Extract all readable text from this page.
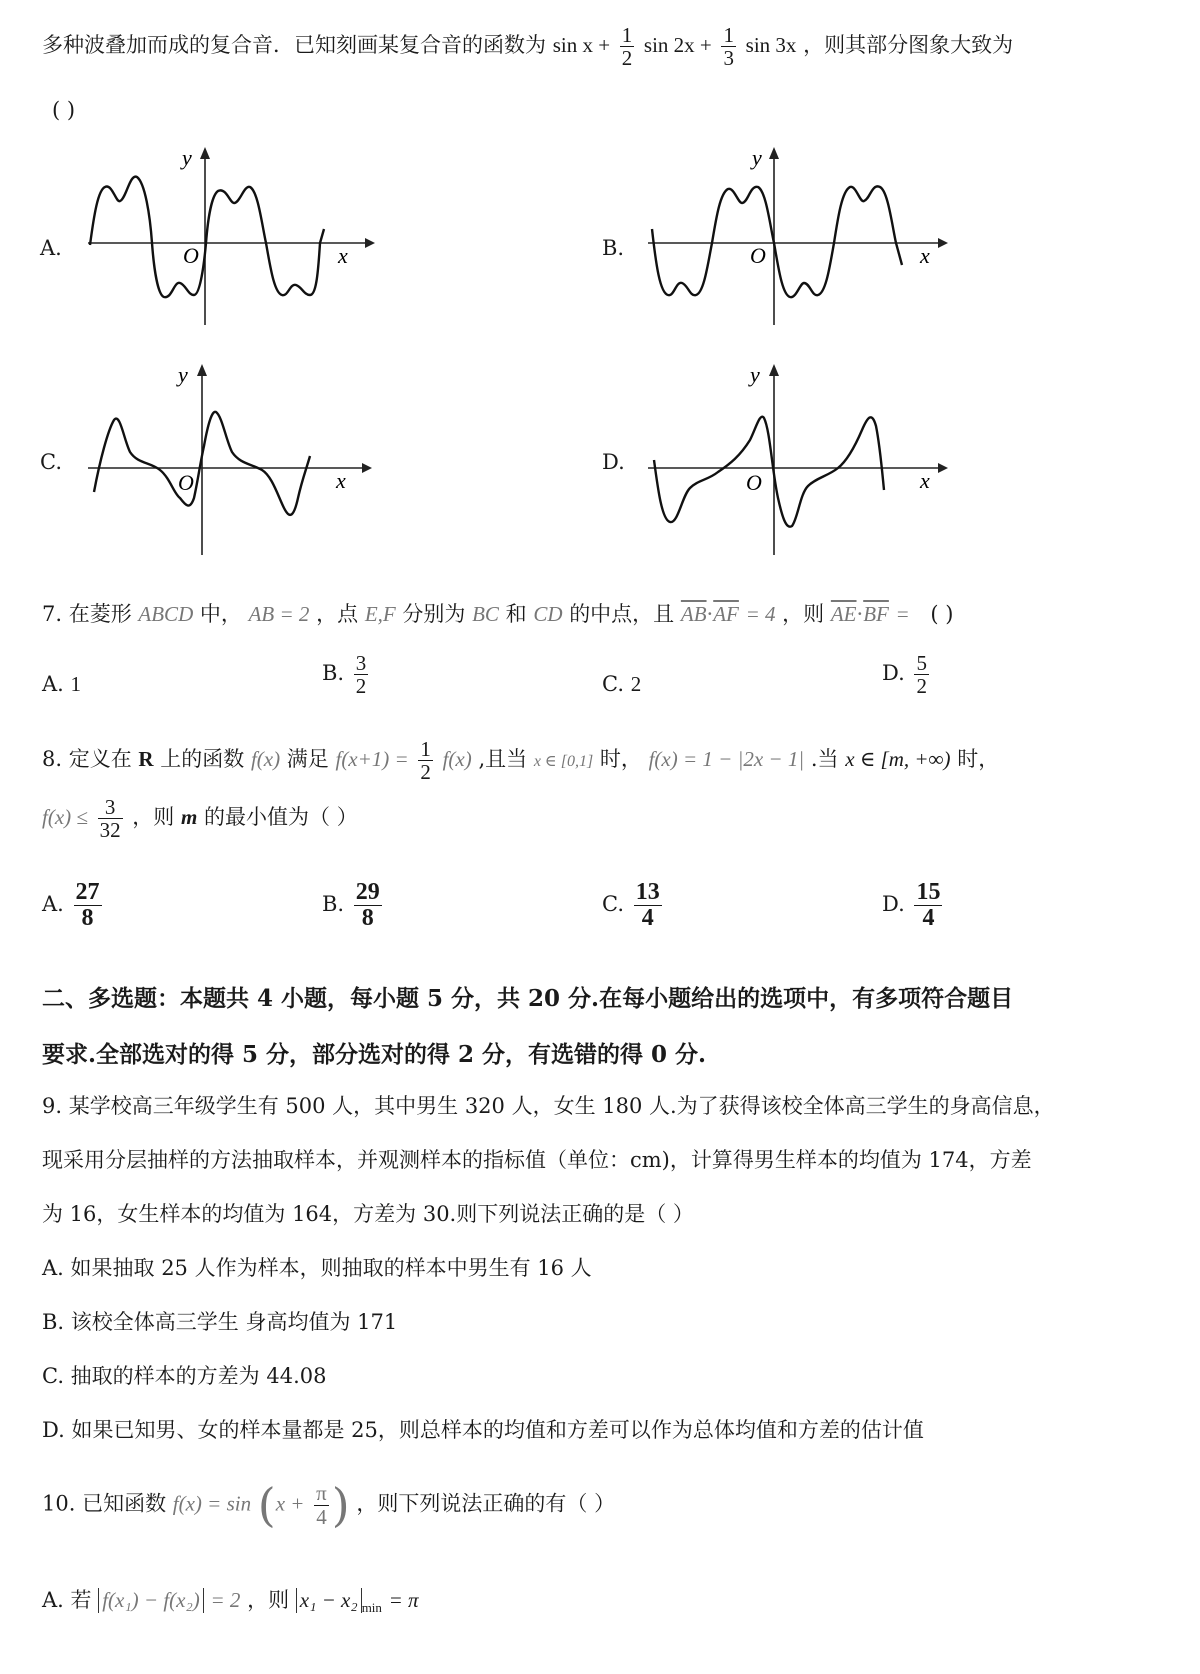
多种波叠加而成的复合音．已知刻画某复合音的函数为 $\sin x + \frac{1}{2}$ $\sin 2x + \frac{1}{3}$ sin 3x ，则其部分图象大致为
( )
A.
y
x
O	B.
y
x
O
C.
y
x
O
D.
y
x
O
7. 在菱形 ABCD 中， AB = 2 ，点 E,F 分别为 BC 和 CD 的中点，且 $\overline{AB}\cdot\overline{AF} = 4$ ，则 $\overline{AE}\cdot\overline{BF}$ = ( )
A. 1	B. $\frac{3}{2}$	C. 2	D. $\frac{5}{2}$
8. 定义在 R 上的函数 f(x) 满足 $f(x+1) = \frac{1}{2} f(x)$ ,且当 x ∈ [0,1] 时， f(x) = 1 − |2x − 1| .当 x ∈ [m, +∞) 时，
$f(x) \le \frac{3}{32}$ ，则 m 的最小值为（ ）
A. $\frac{27}{8}$	B. $\frac{29}{8}$	C. $\frac{13}{4}$	D. $\frac{15}{4}$
二、多选题：本题共 4 小题，每小题 5 分，共 20 分.在每小题给出的选项中，有多项符合题目
要求.全部选对的得 5 分，部分选对的得 2 分，有选错的得 0 分.
9. 某学校高三年级学生有 500 人，其中男生 320 人，女生 180 人.为了获得该校全体高三学生的身高信息，
现采用分层抽样的方法抽取样本，并观测样本的指标值（单位：cm)，计算得男生样本的均值为 174，方差
为 16，女生样本的均值为 164，方差为 30.则下列说法正确的是（ ）
A. 如果抽取 25 人作为样本，则抽取的样本中男生有 16 人
B. 该校全体高三学生 身高均值为 171
C. 抽取的样本的方差为 44.08
D. 如果已知男、女的样本量都是 25，则总样本的均值和方差可以作为总体均值和方差的估计值
10. 已知函数 $f(x) = \sin (x + \frac{\pi}{4}$ ) ，则下列说法正确的有（ ）
A. 若 f(x₁) − f(x₂) = 2 ，则 x₁ − x₂ $_{min}$ = π
